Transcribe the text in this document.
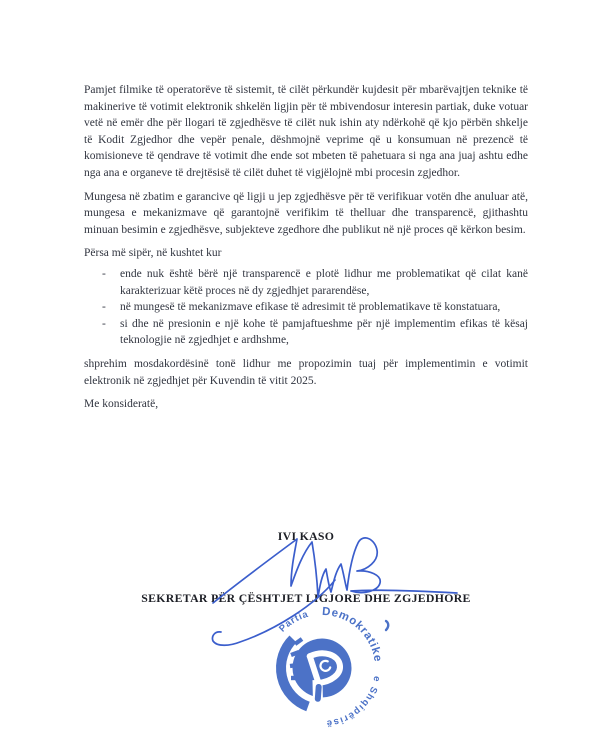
Pamjet filmike të operatorëve të sistemit, të cilët përkundër kujdesit për mbarëvajtjen teknike të makinerive të votimit elektronik shkelën ligjin për të mbivendosur interesin partiak, duke votuar vetë në emër dhe për llogari të zgjedhësve të cilët nuk ishin aty ndërkohë që kjo përbën shkelje të Kodit Zgjedhor dhe vepër penale, dëshmojnë veprime që u konsumuan në prezencë të komisioneve të qendrave të votimit dhe ende sot mbeten të pahetuara si nga ana juaj ashtu edhe nga ana e organeve të drejtësisë të cilët duhet të vigjëlojnë mbi procesin zgjedhor.

Mungesa në zbatim e garancive që ligji u jep zgjedhësve për të verifikuar votën dhe anuluar atë, mungesa e mekanizmave që garantojnë verifikim të thelluar dhe transparencë, gjithashtu minuan besimin e zgjedhësve, subjekteve zgedhore dhe publikut në një proces që kërkon besim.

Përsa më sipër, në kushtet kur

-	ende nuk është bërë një transparencë e plotë lidhur me problematikat që cilat kanë karakterizuar këtë proces në dy zgjedhjet pararendëse,
-	në mungesë të mekanizmave efikase të adresimit të problematikave të konstatuara,
-	si dhe në presionin e një kohe të pamjaftueshme për një implementim efikas të kësaj teknologjie në zgjedhjet e ardhshme,

shprehim mosdakordësinë tonë lidhur me propozimin tuaj për implementimin e votimit elektronik në zgjedhjet për Kuvendin të vitit 2025.

Me konsideratë,

IVI KASO
SEKRETAR PËR ÇËSHTJET LIGJORE DHE ZGJEDHORE
Partia Demokratike
e Shqipërisë
